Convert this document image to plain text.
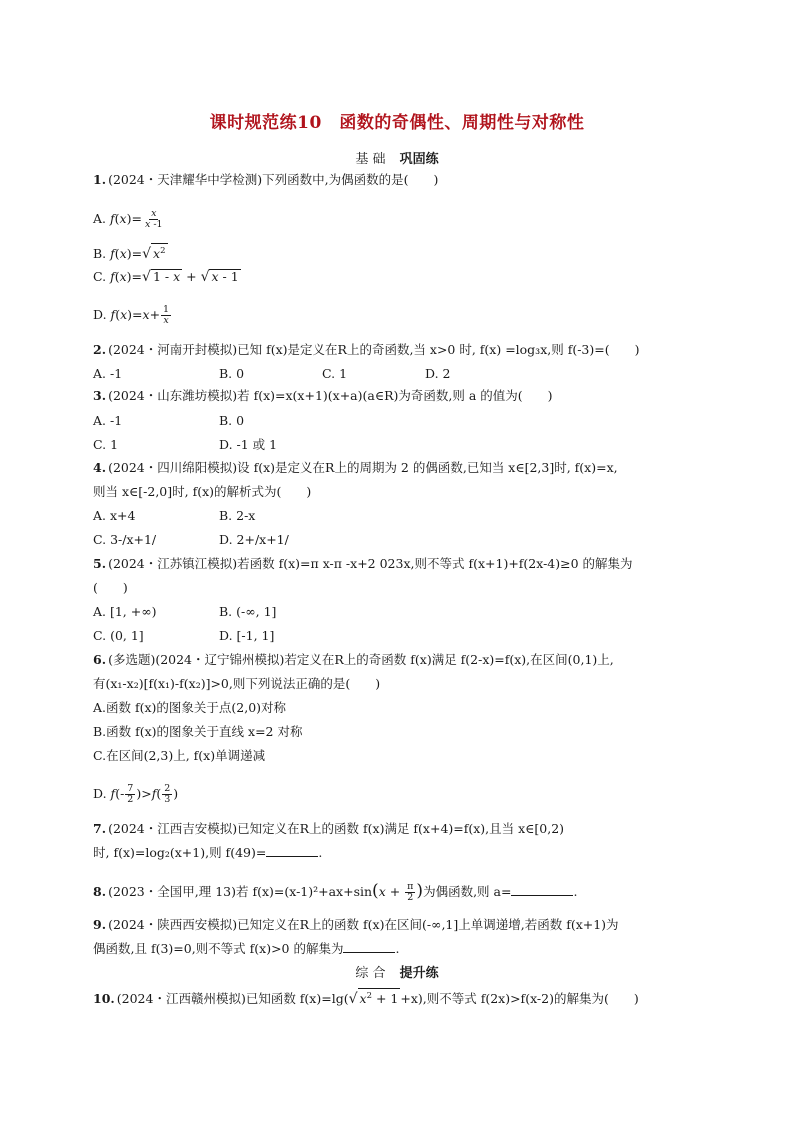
课时规范练10　函数的奇偶性、周期性与对称性
基 础 巩固练
1. (2024・天津耀华中学检测)下列函数中,为偶函数的是(　　)
A. $f(x)= \frac{x}{x -1}$
B. f(x)= √ $x^2$
C. f(x)= √ 1 - x + √ x - 1
D. $f(x)=x+ \frac{1}{x}$
2. (2024・河南开封模拟)已知 f(x)是定义在R上的奇函数,当 x>0 时, f(x) =log₃x,则 f(-3)=(　　)
A. -1	B. 0	C. 1	D. 2
3. (2024・山东潍坊模拟)若 f(x)=x(x+1)(x+a)(a∈R)为奇函数,则 a 的值为(　　)
A. -1	B. 0
C. 1	D. -1 或 1
4. (2024・四川绵阳模拟)设 f(x)是定义在R上的周期为 2 的偶函数,已知当 x∈[2,3]时, f(x)=x,
则当 x∈[-2,0]时, f(x)的解析式为(　　)
A. x+4	B. 2-x
C. 3-/x+1/	D. 2+/x+1/
5. (2024・江苏镇江模拟)若函数 f(x)=π x-π -x+2 023x,则不等式 f(x+1)+f(2x-4)≥0 的解集为
(　　)
A. [1, +∞)	B. (-∞, 1]
C. (0, 1]	D. [-1, 1]
6. (多选题)(2024・辽宁锦州模拟)若定义在R上的奇函数 f(x)满足 f(2-x)=f(x),在区间(0,1)上,
有(x₁-x₂)[f(x₁)-f(x₂)]>0,则下列说法正确的是(　　)
A.函数 f(x)的图象关于点(2,0)对称
B.函数 f(x)的图象关于直线 x=2 对称
C.在区间(2,3)上, f(x)单调递减
D. $f(- \frac{7}{2} )>f( \frac{2}{3}$ )
7. (2024・江西吉安模拟)已知定义在R上的函数 f(x)满足 f(x+4)=f(x),且当 x∈[0,2)
时, f(x)=log₂(x+1),则 f(49)=	.
8. (2023・全国甲,理 13)若 $f(x)=(x-1)^2+ax+\sin(x + \frac{\pi}{2}$ )为偶函数,则 a=	.
9. (2024・陕西西安模拟)已知定义在R上的函数 f(x)在区间(-∞,1]上单调递增,若函数 f(x+1)为
偶函数,且 f(3)=0,则不等式 f(x)>0 的解集为	.
综 合 提升练
10. (2024・江西赣州模拟)已知函数 f(x)=lg( √ $x^2 + 1 +x$),则不等式 f(2x)>f(x-2)的解集为(　　)
